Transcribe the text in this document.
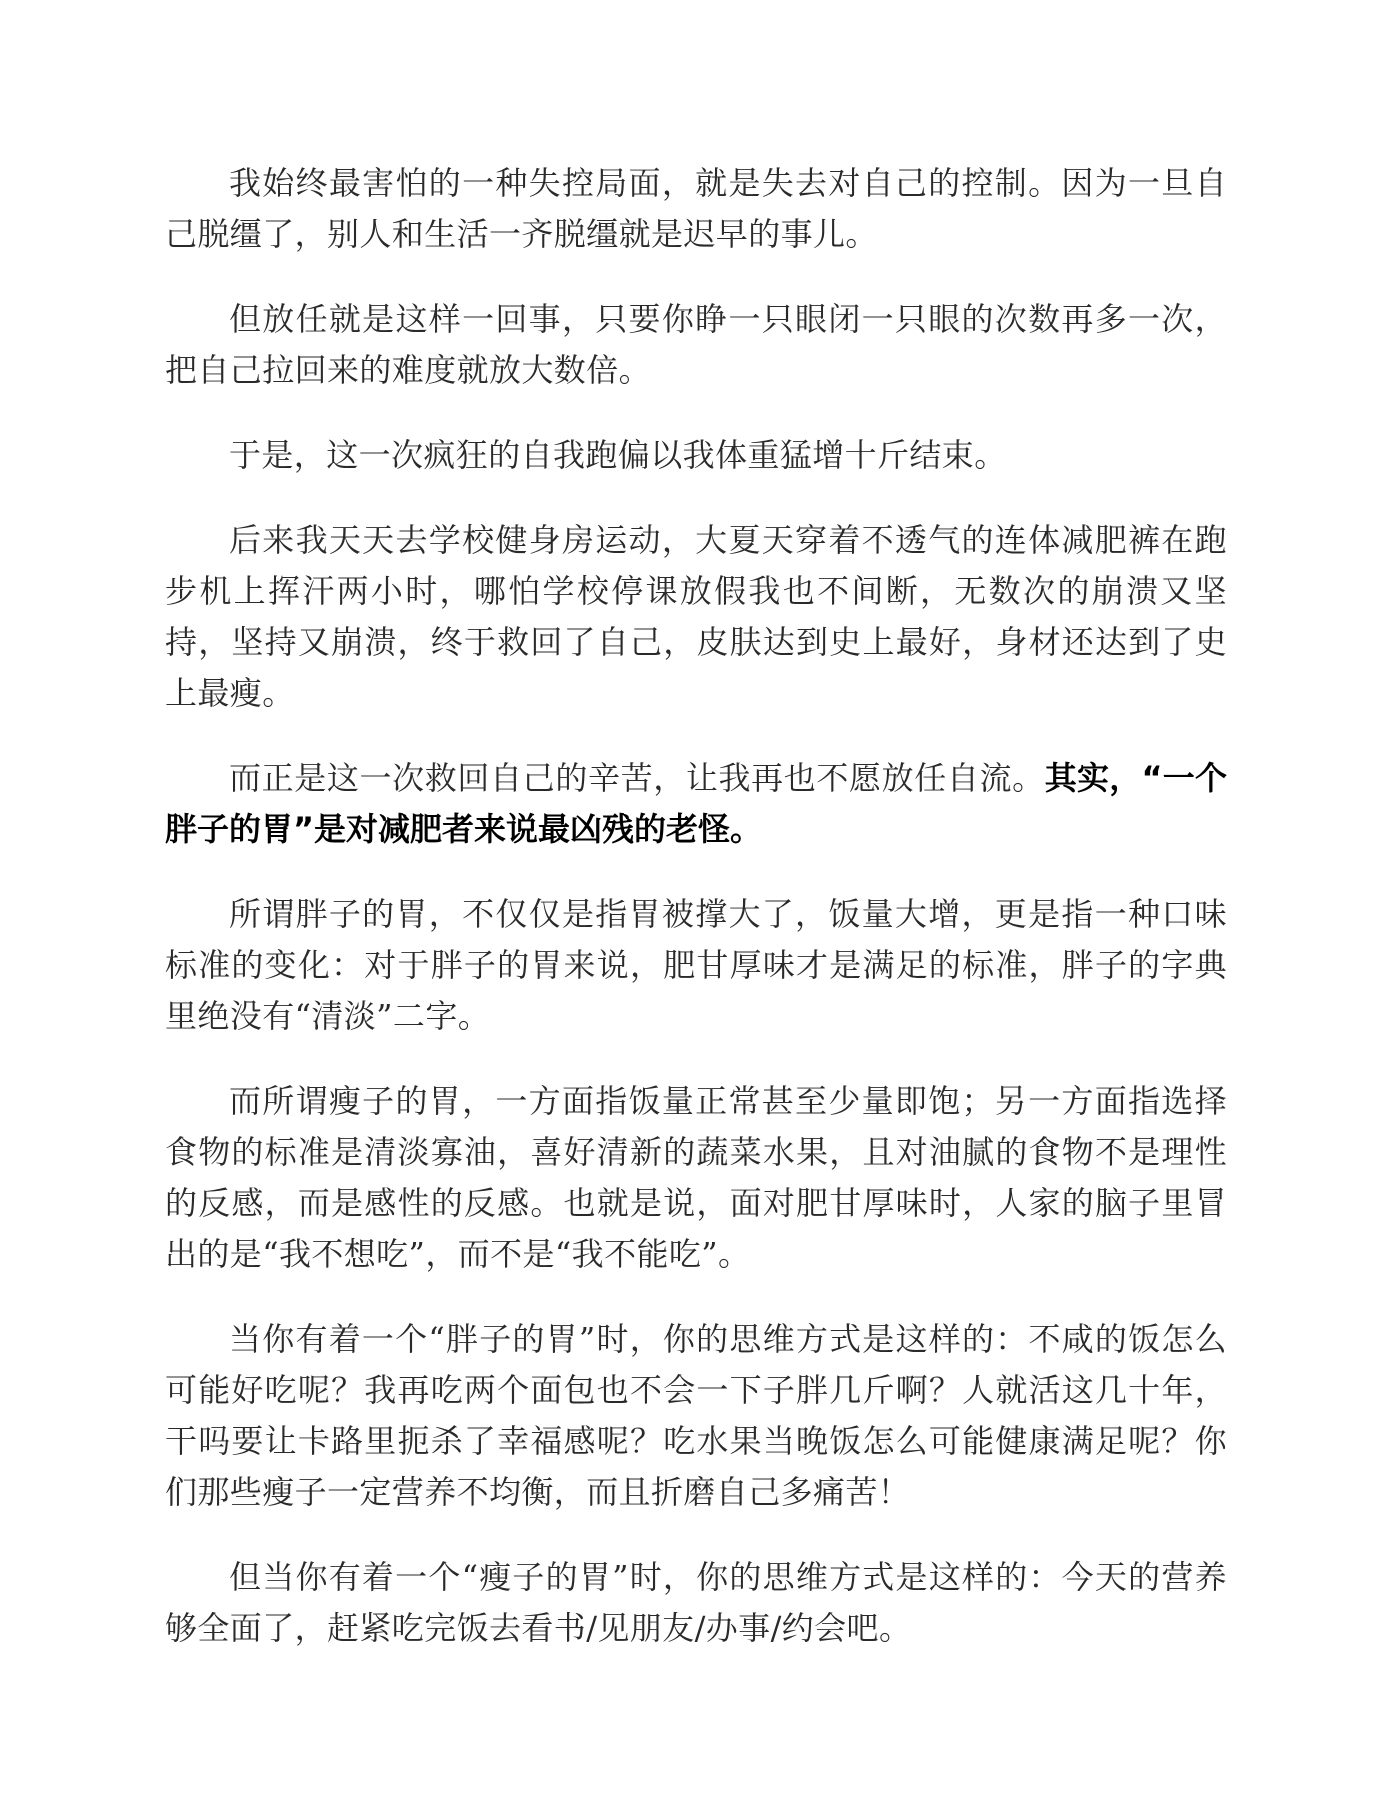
我始终最害怕的一种失控局面，就是失去对自己的控制。因为一旦自己脱缰了，别人和生活一齐脱缰就是迟早的事儿。

但放任就是这样一回事，只要你睁一只眼闭一只眼的次数再多一次，把自己拉回来的难度就放大数倍。

于是，这一次疯狂的自我跑偏以我体重猛增十斤结束。

后来我天天去学校健身房运动，大夏天穿着不透气的连体减肥裤在跑步机上挥汗两小时，哪怕学校停课放假我也不间断，无数次的崩溃又坚持，坚持又崩溃，终于救回了自己，皮肤达到史上最好，身材还达到了史上最瘦。

而正是这一次救回自己的辛苦，让我再也不愿放任自流。其实，“一个胖子的胃”是对减肥者来说最凶残的老怪。

所谓胖子的胃，不仅仅是指胃被撑大了，饭量大增，更是指一种口味标准的变化：对于胖子的胃来说，肥甘厚味才是满足的标准，胖子的字典里绝没有“清淡”二字。

而所谓瘦子的胃，一方面指饭量正常甚至少量即饱；另一方面指选择食物的标准是清淡寡油，喜好清新的蔬菜水果，且对油腻的食物不是理性的反感，而是感性的反感。也就是说，面对肥甘厚味时，人家的脑子里冒出的是“我不想吃”，而不是“我不能吃”。

当你有着一个“胖子的胃”时，你的思维方式是这样的：不咸的饭怎么可能好吃呢？我再吃两个面包也不会一下子胖几斤啊？人就活这几十年，干吗要让卡路里扼杀了幸福感呢？吃水果当晚饭怎么可能健康满足呢？你们那些瘦子一定营养不均衡，而且折磨自己多痛苦！

但当你有着一个“瘦子的胃”时，你的思维方式是这样的：今天的营养够全面了，赶紧吃完饭去看书/见朋友/办事/约会吧。
